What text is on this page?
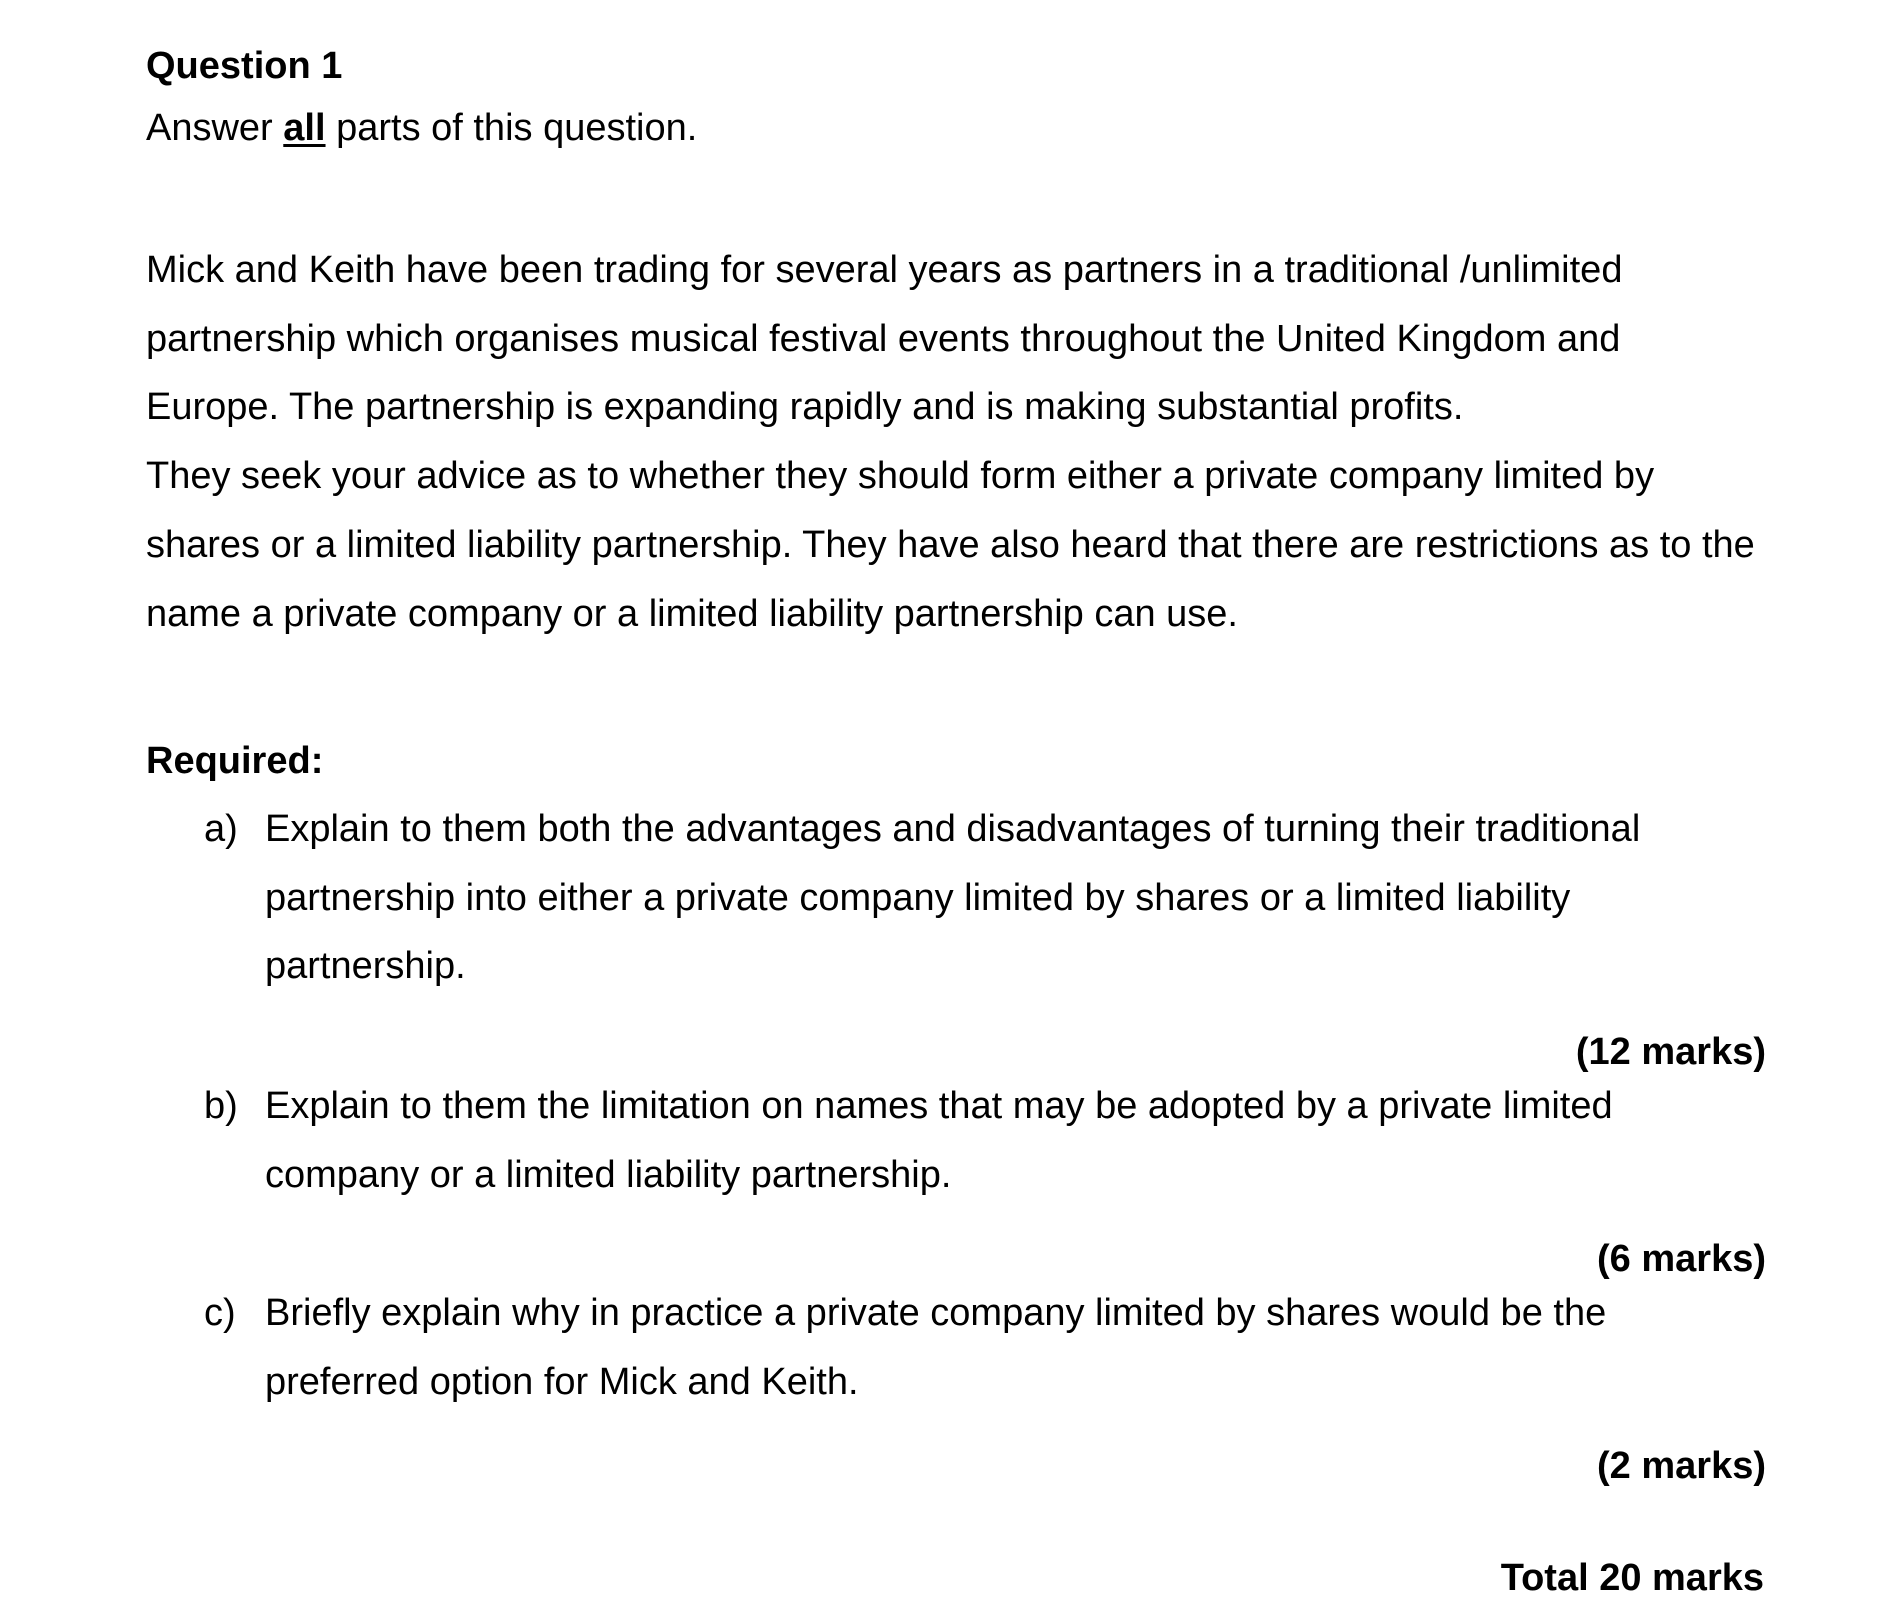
Question 1

Answer all parts of this question.

Mick and Keith have been trading for several years as partners in a traditional /unlimited partnership which organises musical festival events throughout the United Kingdom and Europe. The partnership is expanding rapidly and is making substantial profits.

They seek your advice as to whether they should form either a private company limited by shares or a limited liability partnership. They have also heard that there are restrictions as to the name a private company or a limited liability partnership can use.

Required:
a) Explain to them both the advantages and disadvantages of turning their traditional partnership into either a private company limited by shares or a limited liability partnership.
(12 marks)
b) Explain to them the limitation on names that may be adopted by a private limited company or a limited liability partnership.
(6 marks)
c) Briefly explain why in practice a private company limited by shares would be the preferred option for Mick and Keith.
(2 marks)
Total 20 marks
